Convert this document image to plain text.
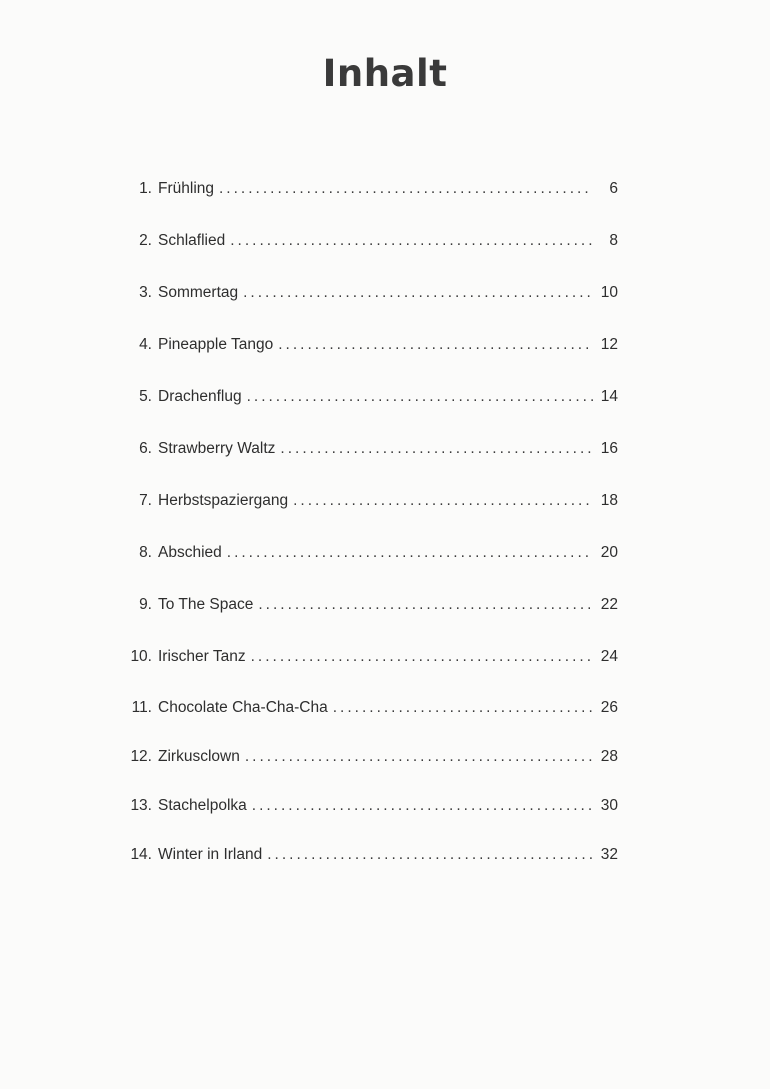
Inhalt
1. Frühling .....	6
2. Schlaflied .....	8
3. Sommertag .....	10
4. Pineapple Tango .....	12
5. Drachenflug .....	14
6. Strawberry Waltz .....	16
7. Herbstspaziergang .....	18
8. Abschied .....	20
9. To The Space .....	22
10. Irischer Tanz .....	24
11. Chocolate Cha-Cha-Cha .....	26
12. Zirkusclown .....	28
13. Stachelpolka .....	30
14. Winter in Irland .....	32
